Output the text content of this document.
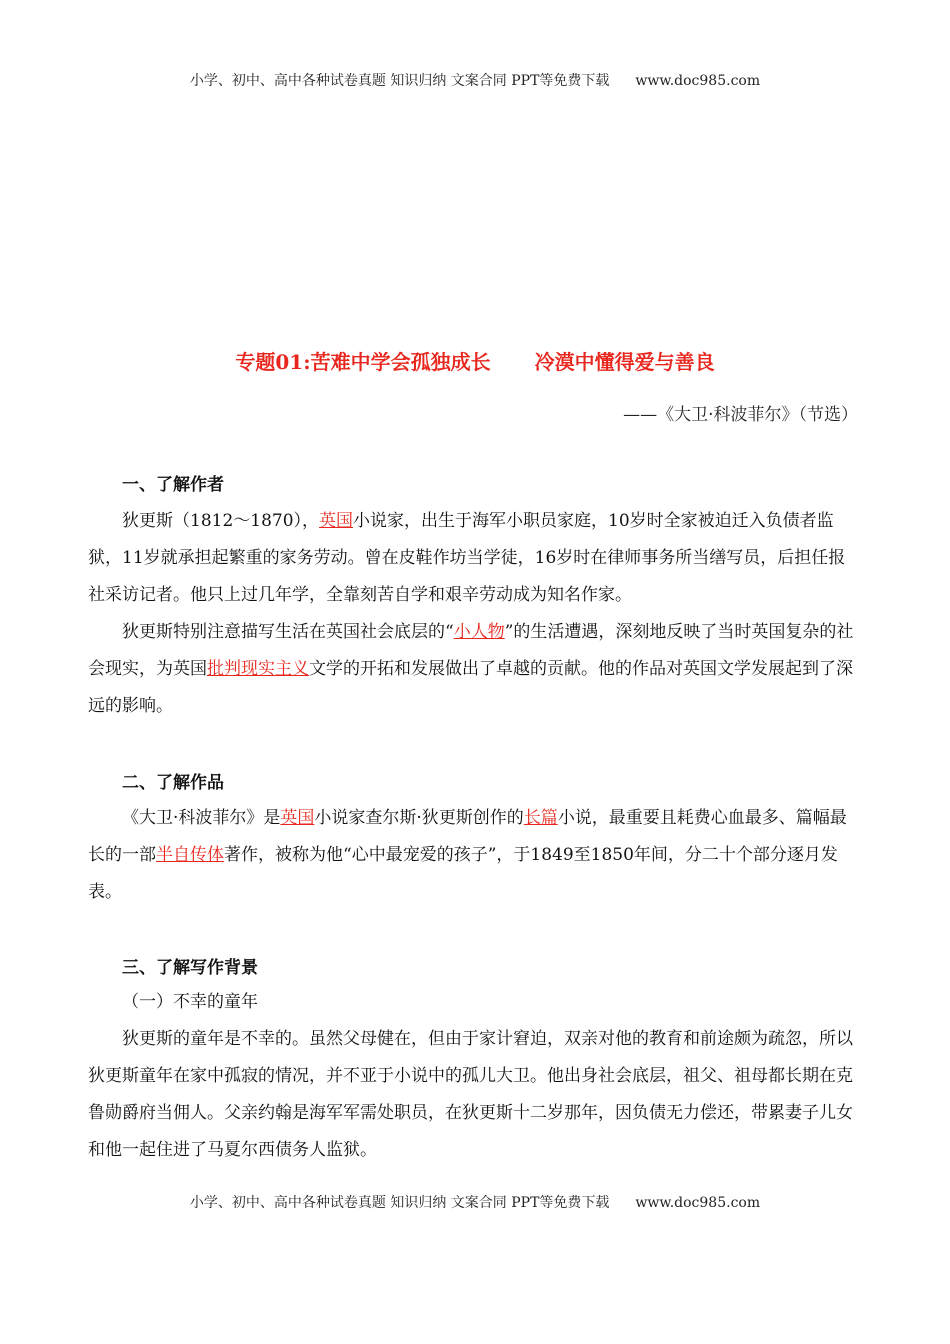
小学、初中、高中各种试卷真题 知识归纳 文案合同 PPT等免费下载 www.doc985.com
专题01:苦难中学会孤独成长 冷漠中懂得爱与善良
——《大卫·科波菲尔》（节选）
一、了解作者

狄更斯（1812～1870），英国小说家，出生于海军小职员家庭，10岁时全家被迫迁入负债者监狱，11岁就承担起繁重的家务劳动。曾在皮鞋作坊当学徒，16岁时在律师事务所当缮写员，后担任报社采访记者。他只上过几年学，全靠刻苦自学和艰辛劳动成为知名作家。

狄更斯特别注意描写生活在英国社会底层的“小人物”的生活遭遇，深刻地反映了当时英国复杂的社会现实，为英国批判现实主义文学的开拓和发展做出了卓越的贡献。他的作品对英国文学发展起到了深远的影响。

二、了解作品

《大卫·科波菲尔》是英国小说家查尔斯·狄更斯创作的长篇小说，最重要且耗费心血最多、篇幅最长的一部半自传体著作，被称为他“心中最宠爱的孩子”，于1849至1850年间，分二十个部分逐月发表。

三、了解写作背景

（一）不幸的童年

狄更斯的童年是不幸的。虽然父母健在，但由于家计窘迫，双亲对他的教育和前途颇为疏忽，所以狄更斯童年在家中孤寂的情况，并不亚于小说中的孤儿大卫。他出身社会底层，祖父、祖母都长期在克鲁勋爵府当佣人。父亲约翰是海军军需处职员，在狄更斯十二岁那年，因负债无力偿还，带累妻子儿女和他一起住进了马夏尔西债务人监狱。

小学、初中、高中各种试卷真题 知识归纳 文案合同 PPT等免费下载 www.doc985.com
